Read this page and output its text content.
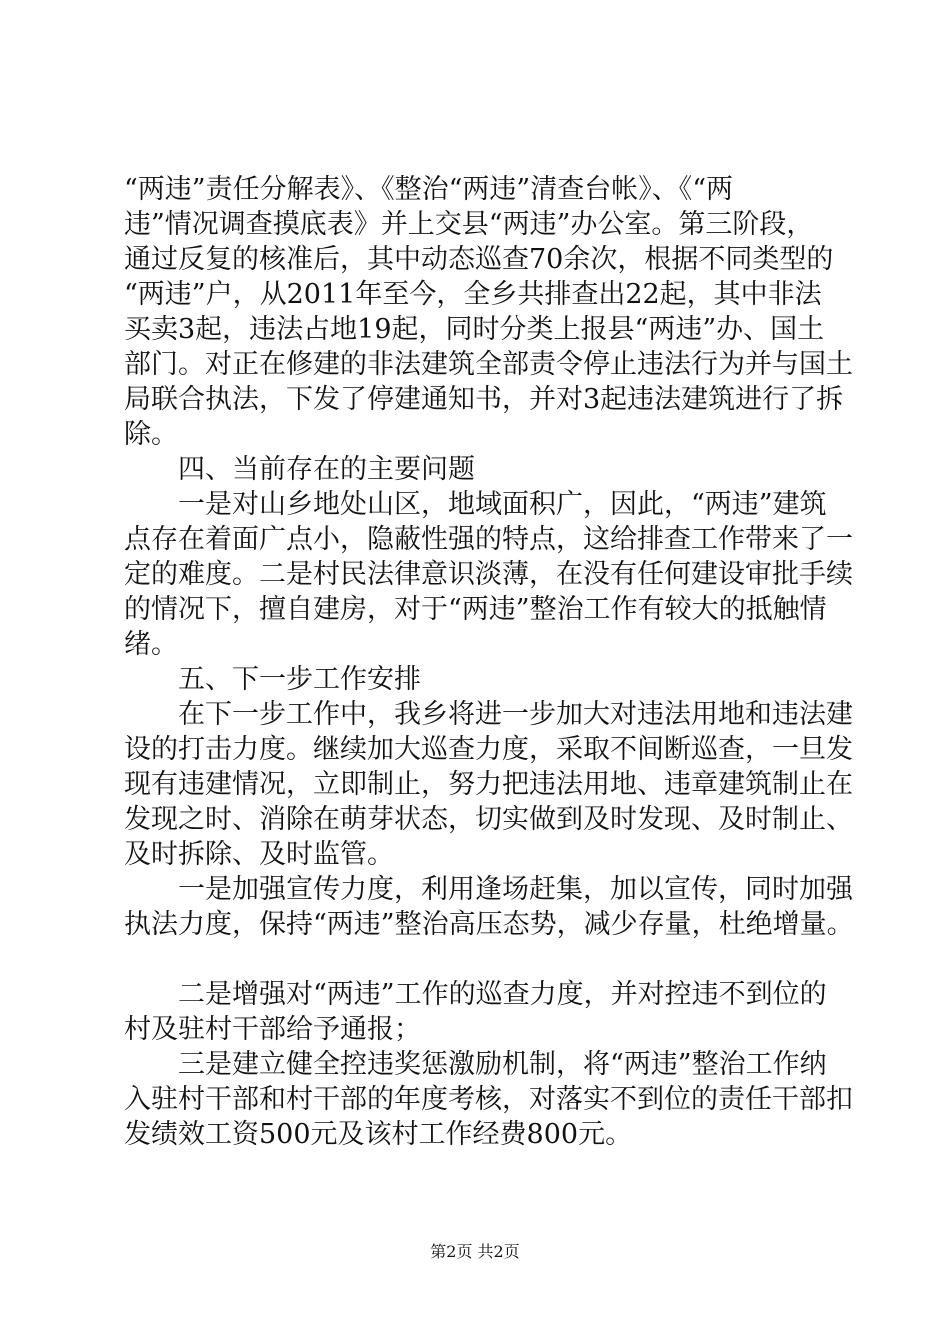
“两违”责任分解表》、《整治“两违”清查台帐》、《“两
违”情况调查摸底表》并上交县“两违”办公室。第三阶段，
通过反复的核准后，其中动态巡查70余次，根据不同类型的
“两违”户，从2011年至今，全乡共排查出22起，其中非法
买卖3起，违法占地19起，同时分类上报县“两违”办、国土
部门。对正在修建的非法建筑全部责令停止违法行为并与国土
局联合执法，下发了停建通知书，并对3起违法建筑进行了拆
除。
四、当前存在的主要问题
一是对山乡地处山区，地域面积广，因此，“两违”建筑
点存在着面广点小，隐蔽性强的特点，这给排查工作带来了一
定的难度。二是村民法律意识淡薄，在没有任何建设审批手续
的情况下，擅自建房，对于“两违”整治工作有较大的抵触情
绪。
五、下一步工作安排
在下一步工作中，我乡将进一步加大对违法用地和违法建
设的打击力度。继续加大巡查力度，采取不间断巡查，一旦发
现有违建情况，立即制止，努力把违法用地、违章建筑制止在
发现之时、消除在萌芽状态，切实做到及时发现、及时制止、
及时拆除、及时监管。
一是加强宣传力度，利用逢场赶集，加以宣传，同时加强
执法力度，保持“两违”整治高压态势，减少存量，杜绝增量。
二是增强对“两违”工作的巡查力度，并对控违不到位的
村及驻村干部给予通报；
三是建立健全控违奖惩激励机制，将“两违”整治工作纳
入驻村干部和村干部的年度考核，对落实不到位的责任干部扣
发绩效工资500元及该村工作经费800元。
第2页 共2页
